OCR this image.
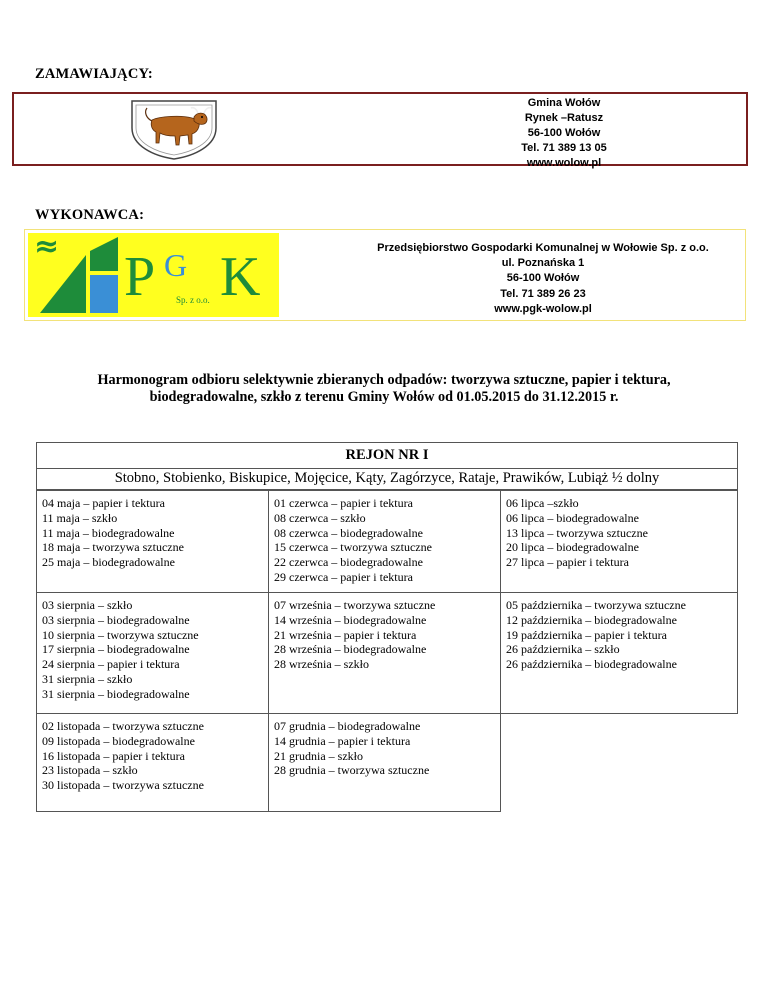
ZAMAWIAJĄCY:
Gmina Wołów
Rynek –Ratusz
56-100 Wołów
Tel. 71 389 13 05
www.wolow.pl
WYKONAWCA:
≈ P G K
Sp. z o.o.
Przedsiębiorstwo Gospodarki Komunalnej w Wołowie Sp. z o.o.
ul. Poznańska 1
56-100 Wołów
Tel. 71 389 26 23
www.pgk-wolow.pl
Harmonogram odbioru selektywnie zbieranych odpadów: tworzywa sztuczne, papier i tektura,
biodegradowalne, szkło z terenu Gminy Wołów od 01.05.2015 do 31.12.2015 r.
REJON NR I
Stobno, Stobienko, Biskupice, Mojęcice, Kąty, Zagórzyce, Rataje, Prawików, Lubiąż ½ dolny
04 maja – papier i tektura
11 maja – szkło
11 maja – biodegradowalne
18 maja – tworzywa sztuczne
25 maja – biodegradowalne
01 czerwca – papier i tektura
08 czerwca – szkło
08 czerwca – biodegradowalne
15 czerwca – tworzywa sztuczne
22 czerwca – biodegradowalne
29 czerwca – papier i tektura
06 lipca –szkło
06 lipca – biodegradowalne
13 lipca – tworzywa sztuczne
20 lipca – biodegradowalne
27 lipca – papier i tektura
03 sierpnia – szkło
03 sierpnia – biodegradowalne
10 sierpnia – tworzywa sztuczne
17 sierpnia – biodegradowalne
24 sierpnia – papier i tektura
31 sierpnia – szkło
31 sierpnia – biodegradowalne
07 września – tworzywa sztuczne
14 września – biodegradowalne
21 września – papier i tektura
28 września – biodegradowalne
28 września – szkło
05 października – tworzywa sztuczne
12 października – biodegradowalne
19 października – papier i tektura
26 października – szkło
26 października – biodegradowalne
02 listopada – tworzywa sztuczne
09 listopada – biodegradowalne
16 listopada – papier i tektura
23 listopada – szkło
30 listopada – tworzywa sztuczne
07 grudnia – biodegradowalne
14 grudnia – papier i tektura
21 grudnia – szkło
28 grudnia – tworzywa sztuczne
